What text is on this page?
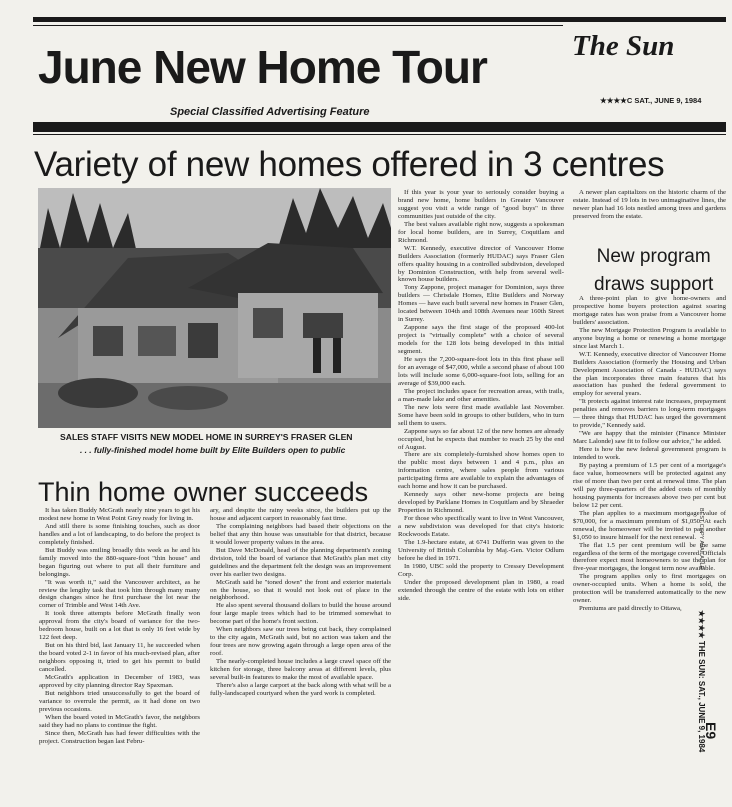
June New Home Tour
Special Classified Advertising Feature
The Sun
★★★★C SAT., JUNE 9, 1984
Variety of new homes offered in 3 centres
SALES STAFF VISITS NEW MODEL HOME IN SURREY'S FRASER GLEN
. . . fully-finished model home built by Elite Builders open to public
Thin home owner succeeds

It has taken Buddy McGrath nearly nine years to get his modest new home in West Point Grey ready for living in.

And still there is some finishing touches, such as door handles and a lot of landscaping, to do before the project is completely finished.

But Buddy was smiling broadly this week as he and his family moved into the 880-square-foot "thin house" and began figuring out where to put all their furniture and belongings.

"It was worth it," said the Vancouver architect, as he review the lengthy task that took him through many many design changes since he first purchase the lot near the corner of Trimble and West 14th Ave.

It took three attempts before McGrath finally won approval from the city's board of variance for the two-bedroom house, built on a lot that is only 16 feet wide by 122 feet deep.

But on his third bid, last January 11, he succeeded when the board voted 2-1 in favor of his much-revised plan, after neighbors opposing it, tried to get his permit to build cancelled.

McGrath's application in December of 1983, was approved by city planning director Ray Spaxman.

But neighbors tried unsuccessfully to get the board of variance to overrule the permit, as it had done on two previous occasions.

When the board voted in McGrath's favor, the neighbors said they had no plans to continue the fight.

Since then, McGrath has had fewer difficulties with the project. Construction began last Febru-

ary, and despite the rainy weeks since, the builders put up the house and adjacent carport in reasonably fast time.

The complaining neighbors had based their objections on the belief that any thin house was unsuitable for that district, because it would lower property values in the area.

But Dave McDonald, head of the planning department's zoning division, told the board of variance that McGrath's plan met city guidelines and the department felt the design was an improvement over his earlier two designs.

McGrath said he "toned down" the front and exterior materials on the house, so that it would not look out of place in the neighborhood.

He also spent several thousand dollars to build the house around four large maple trees which had to be trimmed somewhat to become part of the home's front section.

When neighbors saw our trees being cut back, they complained to the city again, McGrath said, but no action was taken and the four trees are now growing again through a large open area of the roof.

The nearly-completed house includes a large crawl space off the kitchen for storage, three balcony areas at different levels, plus several built-in features to make the most of available space.

There's also a large carport at the back along with what will be a fully-landscaped courtyard when the yard work is completed.

If this year is your year to seriously consider buying a brand new home, home builders in Greater Vancouver suggest you visit a wide range of "good buys" in three communities just outside of the city.

The best values available right now, suggests a spokesman for local home builders, are in Surrey, Coquitlam and Richmond.

W.T. Kennedy, executive director of Vancouver Home Builders Association (formerly HUDAC) says Fraser Glen offers quality housing in a controlled subdivision, developed by Dominion Construction, with help from several well-known house builders.

Tony Zappone, project manager for Dominion, says three builders — Chrisdale Homes, Elite Builders and Norway Homes — have each built several new homes in Fraser Glen, located between 104th and 108th Avenues near 160th Street in Surrey.

Zappone says the first stage of the proposed 400-lot project is "virtually complete" with a choice of several models for the 128 lots being developed in this initial segment.

He says the 7,200-square-foot lots in this first phase sell for an average of $47,000, while a second phase of about 100 lots will include some 6,000-square-foot lots, selling for an average of $39,000 each.

The project includes space for recreation areas, with trails, a man-made lake and other amenities.

The new lots were first made available last November. Some have been sold in groups to other builders, who in turn sell them to users.

Zappone says so far about 12 of the new homes are already occupied, but he expects that number to reach 25 by the end of August.

There are six completely-furnished show homes open to the public most days between 1 and 4 p.m., plus an information centre, where sales people from various participating firms are available to explain the advantages of each home and how it can be purchased.

Kennedy says other new-home projects are being developed by Parklane Homes in Coquitlam and by Shraeder Properties in Richmond.

For those who specifically want to live in West Vancouver, a new subdivision was developed for that city's historic Rockwoods Estate.

The 1.9-hectare estate, at 6741 Dufferin was given to the University of British Columbia by Maj.-Gen. Victor Odlum before he died in 1971.

In 1980, UBC sold the property to Cressey Development Corp.

Under the proposed development plan in 1980, a road extended through the centre of the estate with lots on either side.

A newer plan capitalizes on the historic charm of the estate. Instead of 19 lots in two unimaginative lines, the newer plan had 16 lots nestled among trees and gardens preserved from the estate.

New program
draws support

A three-point plan to give home-owners and prospective home buyers protection against soaring mortgage rates has won praise from a Vancouver home builders' association.

The new Mortgage Protection Program is available to anyone buying a home or renewing a home mortgage since last March 1.

W.T. Kennedy, executive director of Vancouver Home Builders Association (formerly the Housing and Urban Development Association of Canada - HUDAC) says the plan incorporates three main features that his association has pushed the federal government to employ for several years.

"It protects against interest rate increases, prepayment penalties and removes barriers to long-term mortgages — three things that HUDAC has urged the government to provide," Kennedy said.

"We are happy that the minister (Finance Minister Marc Lalonde) saw fit to follow our advice," he added.

Here is how the new federal government program is intended to work.

By paying a premium of 1.5 per cent of a mortgage's face value, homeowners will be protected against any rise of more than two per cent at renewal time. The plan will pay three-quarters of the added costs of monthly housing payments for increases above two per cent but below 12 per cent.

The plan applies to a maximum mortgage value of $70,000, for a maximum premium of $1,050. At each renewal, the homeowner will be invited to pay another $1,050 to insure himself for the next renewal.

The flat 1.5 per cent premium will be the same regardless of the term of the mortgage covered. Officials therefore expect most homeowners to use the plan for five-year mortgages, the longest term now available.

The program applies only to first mortgages on owner-occupied units. When a home is sold, the protection will be transferred automatically to the new owner.

Premiums are paid directly to Ottawa,

BEST COPY AVAILABLE
★★★★ THE SUN: SAT., JUNE 9, 1984
E9
